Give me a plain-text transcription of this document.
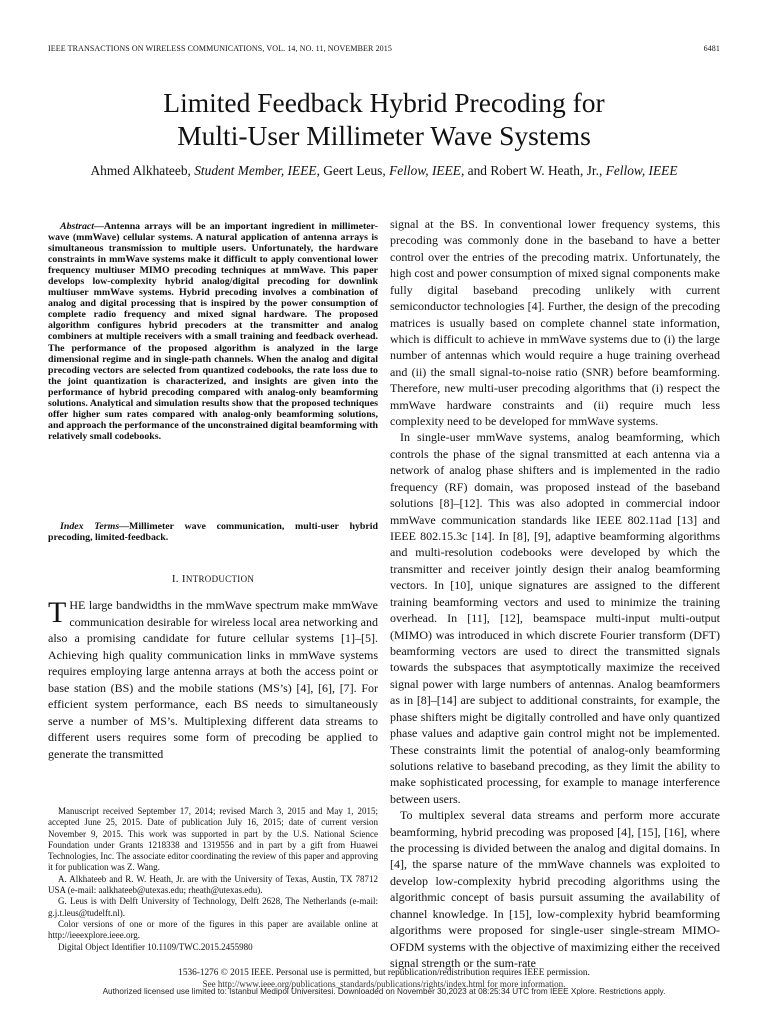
IEEE TRANSACTIONS ON WIRELESS COMMUNICATIONS, VOL. 14, NO. 11, NOVEMBER 2015	6481
Limited Feedback Hybrid Precoding for
Multi-User Millimeter Wave Systems
Ahmed Alkhateeb, Student Member, IEEE, Geert Leus, Fellow, IEEE, and Robert W. Heath, Jr., Fellow, IEEE

Abstract—Antenna arrays will be an important ingredient in millimeter-wave (mmWave) cellular systems. A natural application of antenna arrays is simultaneous transmission to multiple users. Unfortunately, the hardware constraints in mmWave systems make it difficult to apply conventional lower frequency multiuser MIMO precoding techniques at mmWave. This paper develops low-complexity hybrid analog/digital precoding for downlink multiuser mmWave systems. Hybrid precoding involves a combination of analog and digital processing that is inspired by the power consumption of complete radio frequency and mixed signal hardware. The proposed algorithm configures hybrid precoders at the transmitter and analog combiners at multiple receivers with a small training and feedback overhead. The performance of the proposed algorithm is analyzed in the large dimensional regime and in single-path channels. When the analog and digital precoding vectors are selected from quantized codebooks, the rate loss due to the joint quantization is characterized, and insights are given into the performance of hybrid precoding compared with analog-only beamforming solutions. Analytical and simulation results show that the proposed techniques offer higher sum rates compared with analog-only beamforming solutions, and approach the performance of the unconstrained digital beamforming with relatively small codebooks.

Index Terms—Millimeter wave communication, multi-user hybrid precoding, limited-feedback.

I. INTRODUCTION
THE large bandwidths in the mmWave spectrum make mmWave communication desirable for wireless local area networking and also a promising candidate for future cellular systems [1]–[5]. Achieving high quality communication links in mmWave systems requires employing large antenna arrays at both the access point or base station (BS) and the mobile stations (MS’s) [4], [6], [7]. For efficient system performance, each BS needs to simultaneously serve a number of MS’s. Multiplexing different data streams to different users requires some form of precoding be applied to generate the transmitted

Manuscript received September 17, 2014; revised March 3, 2015 and May 1, 2015; accepted June 25, 2015. Date of publication July 16, 2015; date of current version November 9, 2015. This work was supported in part by the U.S. National Science Foundation under Grants 1218338 and 1319556 and in part by a gift from Huawei Technologies, Inc. The associate editor coordinating the review of this paper and approving it for publication was Z. Wang.

A. Alkhateeb and R. W. Heath, Jr. are with the University of Texas, Austin, TX 78712 USA (e-mail: aalkhateeb@utexas.edu; rheath@utexas.edu).

G. Leus is with Delft University of Technology, Delft 2628, The Netherlands (e-mail: g.j.t.leus@tudelft.nl).

Color versions of one or more of the figures in this paper are available online at http://ieeexplore.ieee.org.

Digital Object Identifier 10.1109/TWC.2015.2455980

signal at the BS. In conventional lower frequency systems, this precoding was commonly done in the baseband to have a better control over the entries of the precoding matrix. Unfortunately, the high cost and power consumption of mixed signal components make fully digital baseband precoding unlikely with current semiconductor technologies [4]. Further, the design of the precoding matrices is usually based on complete channel state information, which is difficult to achieve in mmWave systems due to (i) the large number of antennas which would require a huge training overhead and (ii) the small signal-to-noise ratio (SNR) before beamforming. Therefore, new multi-user precoding algorithms that (i) respect the mmWave hardware constraints and (ii) require much less complexity need to be developed for mmWave systems.

In single-user mmWave systems, analog beamforming, which controls the phase of the signal transmitted at each antenna via a network of analog phase shifters and is implemented in the radio frequency (RF) domain, was proposed instead of the baseband solutions [8]–[12]. This was also adopted in commercial indoor mmWave communication standards like IEEE 802.11ad [13] and IEEE 802.15.3c [14]. In [8], [9], adaptive beamforming algorithms and multi-resolution codebooks were developed by which the transmitter and receiver jointly design their analog beamforming vectors. In [10], unique signatures are assigned to the different training beamforming vectors and used to minimize the training overhead. In [11], [12], beamspace multi-input multi-output (MIMO) was introduced in which discrete Fourier transform (DFT) beamforming vectors are used to direct the transmitted signals towards the subspaces that asymptotically maximize the received signal power with large numbers of antennas. Analog beamformers as in [8]–[14] are subject to additional constraints, for example, the phase shifters might be digitally controlled and have only quantized phase values and adaptive gain control might not be implemented. These constraints limit the potential of analog-only beamforming solutions relative to baseband precoding, as they limit the ability to make sophisticated processing, for example to manage interference between users.

To multiplex several data streams and perform more accurate beamforming, hybrid precoding was proposed [4], [15], [16], where the processing is divided between the analog and digital domains. In [4], the sparse nature of the mmWave channels was exploited to develop low-complexity hybrid precoding algorithms using the algorithmic concept of basis pursuit assuming the availability of channel knowledge. In [15], low-complexity hybrid beamforming algorithms were proposed for single-user single-stream MIMO-OFDM systems with the objective of maximizing either the received signal strength or the sum-rate

1536-1276 © 2015 IEEE. Personal use is permitted, but republication/redistribution requires IEEE permission.
See http://www.ieee.org/publications_standards/publications/rights/index.html for more information.
Authorized licensed use limited to: Istanbul Medipol Universitesi. Downloaded on November 30,2023 at 08:25:34 UTC from IEEE Xplore. Restrictions apply.
